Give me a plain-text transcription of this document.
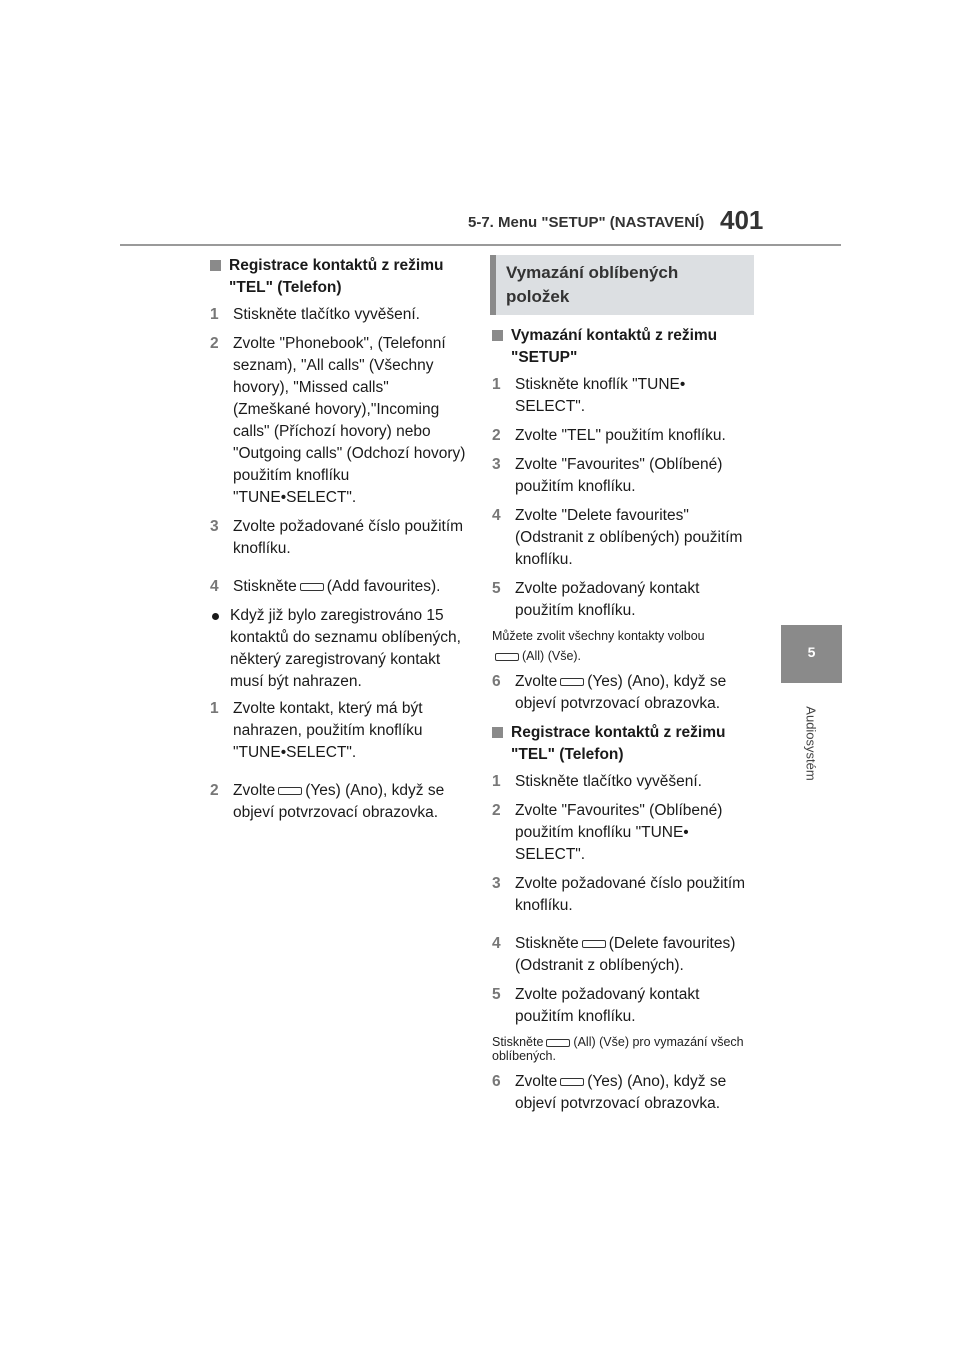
5-7. Menu "SETUP" (NASTAVENÍ) 401
5
Audiosystém
Registrace kontaktů z režimu "TEL" (Telefon)
1 Stiskněte tlačítko vyvěšení.
2 Zvolte "Phonebook", (Telefonní seznam), "All calls" (Všechny hovory), "Missed calls" (Zmeškané hovory),"Incoming calls" (Příchozí hovory) nebo "Outgoing calls" (Odchozí hovory) použitím knoflíku "TUNE•SELECT".
3 Zvolte požadované číslo použitím knoflíku.
4 Stiskněte (Add favourites).
Když již bylo zaregistrováno 15 kontaktů do seznamu oblíbených, některý zaregistrovaný kontakt musí být nahrazen.
1 Zvolte kontakt, který má být nahrazen, použitím knoflíku "TUNE•SELECT".
2 Zvolte (Yes) (Ano), když se objeví potvrzovací obrazovka.
Vymazání oblíbených položek
Vymazání kontaktů z režimu "SETUP"
1 Stiskněte knoflík "TUNE• SELECT".
2 Zvolte "TEL" použitím knoflíku.
3 Zvolte "Favourites" (Oblíbené) použitím knoflíku.
4 Zvolte "Delete favourites" (Odstranit z oblíbených) použitím knoflíku.
5 Zvolte požadovaný kontakt použitím knoflíku.
Můžete zvolit všechny kontakty volbou
(All) (Vše).
6 Zvolte (Yes) (Ano), když se objeví potvrzovací obrazovka.
Registrace kontaktů z režimu "TEL" (Telefon)
1 Stiskněte tlačítko vyvěšení.
2 Zvolte "Favourites" (Oblíbené) použitím knoflíku "TUNE• SELECT".
3 Zvolte požadované číslo použitím knoflíku.
4 Stiskněte (Delete favourites) (Odstranit z oblíbených).
5 Zvolte požadovaný kontakt použitím knoflíku.
Stiskněte (All) (Vše) pro vymazání všech oblíbených.
6 Zvolte (Yes) (Ano), když se objeví potvrzovací obrazovka.
